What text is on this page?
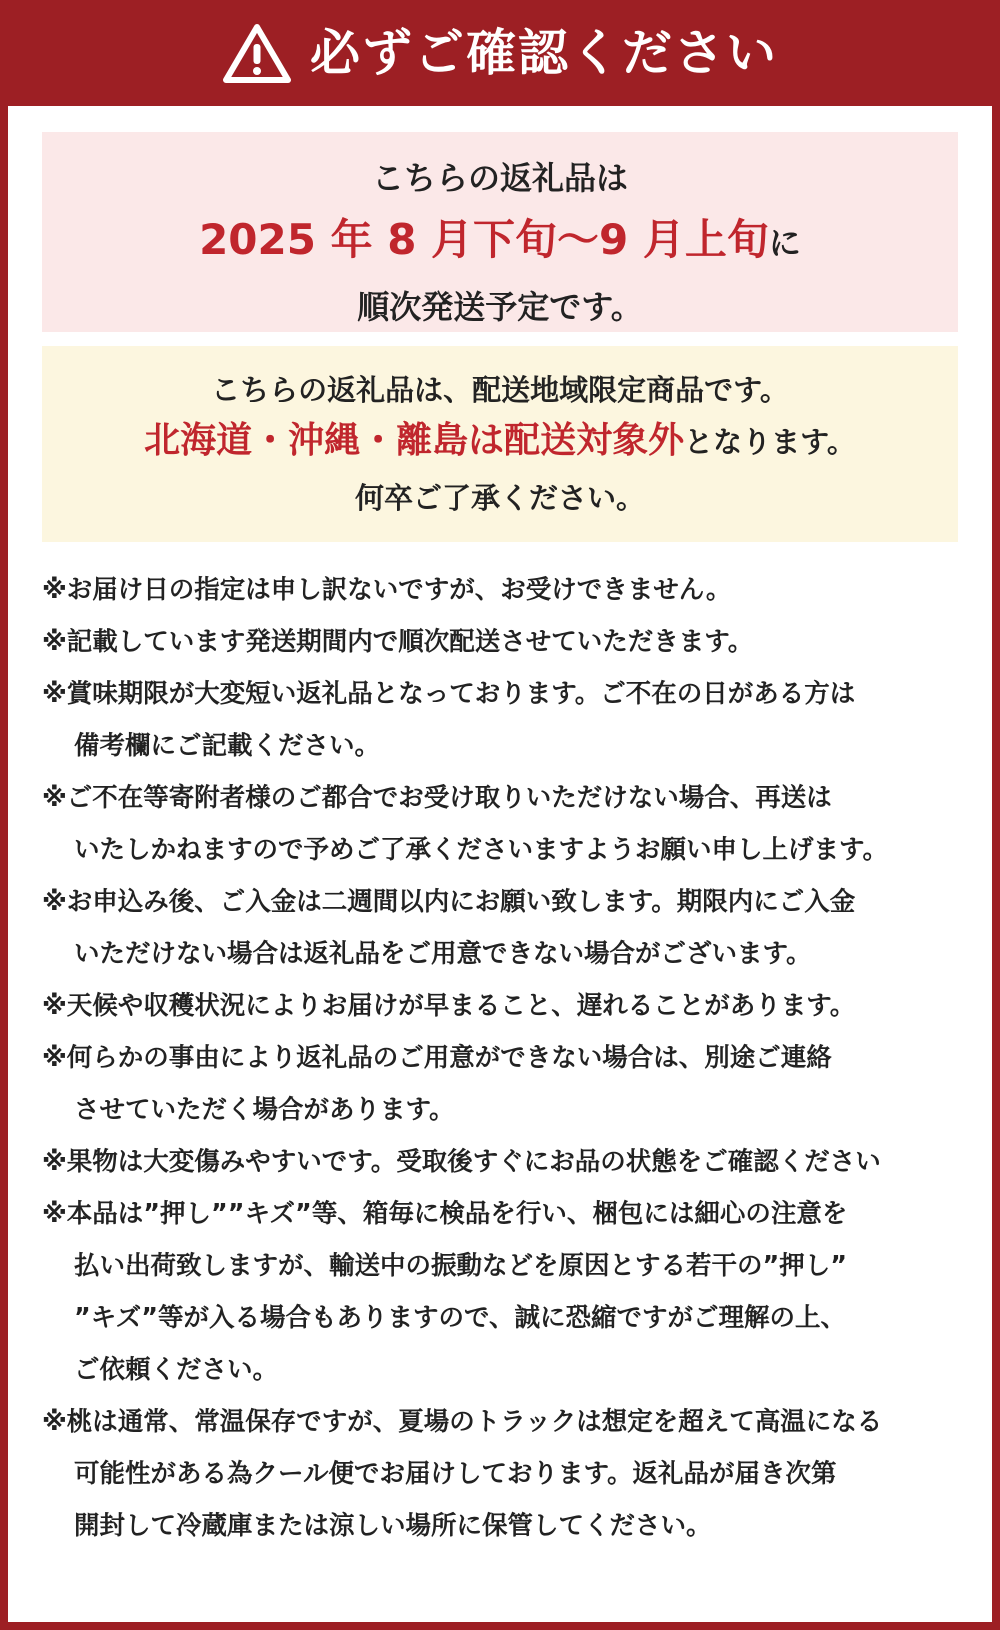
必ずご確認ください
こちらの返礼品は
2025 年 8 月下旬～9 月上旬に
順次発送予定です。
こちらの返礼品は、配送地域限定商品です。
北海道・沖縄・離島は配送対象外となります。
何卒ご了承ください。
※お届け日の指定は申し訳ないですが、お受けできません。
※記載しています発送期間内で順次配送させていただきます。
※賞味期限が大変短い返礼品となっております。ご不在の日がある方は
備考欄にご記載ください。
※ご不在等寄附者様のご都合でお受け取りいただけない場合、再送は
いたしかねますので予めご了承くださいますようお願い申し上げます。
※お申込み後、ご入金は二週間以内にお願い致します。期限内にご入金
いただけない場合は返礼品をご用意できない場合がございます。
※天候や収穫状況によりお届けが早まること、遅れることがあります。
※何らかの事由により返礼品のご用意ができない場合は、別途ご連絡
させていただく場合があります。
※果物は大変傷みやすいです。受取後すぐにお品の状態をご確認ください
※本品は”押し””キズ”等、箱毎に検品を行い、梱包には細心の注意を
払い出荷致しますが、輸送中の振動などを原因とする若干の”押し”
”キズ”等が入る場合もありますので、誠に恐縮ですがご理解の上、
ご依頼ください。
※桃は通常、常温保存ですが、夏場のトラックは想定を超えて高温になる
可能性がある為クール便でお届けしております。返礼品が届き次第
開封して冷蔵庫または涼しい場所に保管してください。
